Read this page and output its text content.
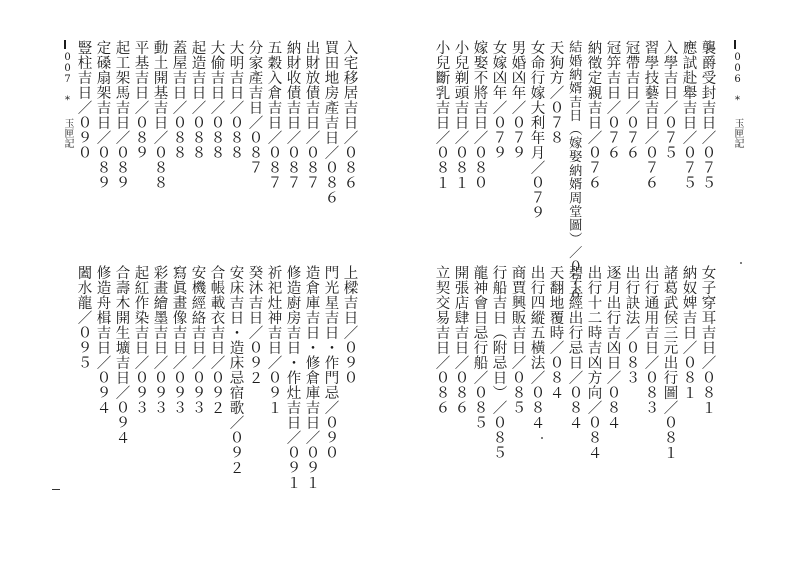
006
*
玉匣記
襲爵受封吉日／０７５
應試赴舉吉日／０７５
入學吉日／０７５
習學技藝吉日／０７６
冠帶吉日／０７６
冠笄吉日／０７６
納徵定親吉日／０７６
結婚納婿吉日（嫁娶納婿周堂圖）／０７６
天狗方／０７８
女命行嫁大利年月／０７９
男婚凶年／０７９
女嫁凶年／０７９
嫁娶不將吉日／０８０
小兒剃頭吉日／０８１
小兒斷乳吉日／０８１
女子穿耳吉日／０８１
納奴婢吉日／０８１
諸葛武侯三元出行圖／０８１
出行通用吉日／０８３
出行訣法／０８３
逐月出行吉凶日／０８４
出行十二時吉凶方向／０８４
碧玉經出行忌日／０８４
天翻地覆時／０８４
出行四縱五橫法／０８４
商賈興販吉日／０８５
行船吉日（附忌日）／０８５
龍神會日忌行船／０８５
開張店肆吉日／０８６
立契交易吉日／０８６
007
*
玉匣記	入宅移居吉日／０８６
買田地房產吉日／０８６
出財放債吉日／０８７
納財收債吉日／０８７
五穀入倉吉日／０８７
分家產吉日／０８７
大明吉日／０８８
大偷吉日／０８８
起造吉日／０８８
蓋屋吉日／０８８
動土開基吉日／０８８
平基吉日／０８９
起工架馬吉日／０８９
定磉扇架吉日／０８９
豎柱吉日／０９０
上樑吉日／０９０
門光星吉日・作門忌／０９０
造倉庫吉日・修倉庫吉日／０９１
修造廚房吉日・作灶吉日／０９１
祈祀灶神吉日／０９１
癸沐吉日／０９２
安床吉日・造床忌宿歌／０９２
合帳載衣吉日／０９２
安機經絡吉日／０９３
寫眞畫像吉日／０９３
彩畫繪墨吉日／０９３
起紅作染吉日／０９３
合壽木開生壙吉日／０９４
修造舟楫吉日／０９４
闔水龍／０９５
